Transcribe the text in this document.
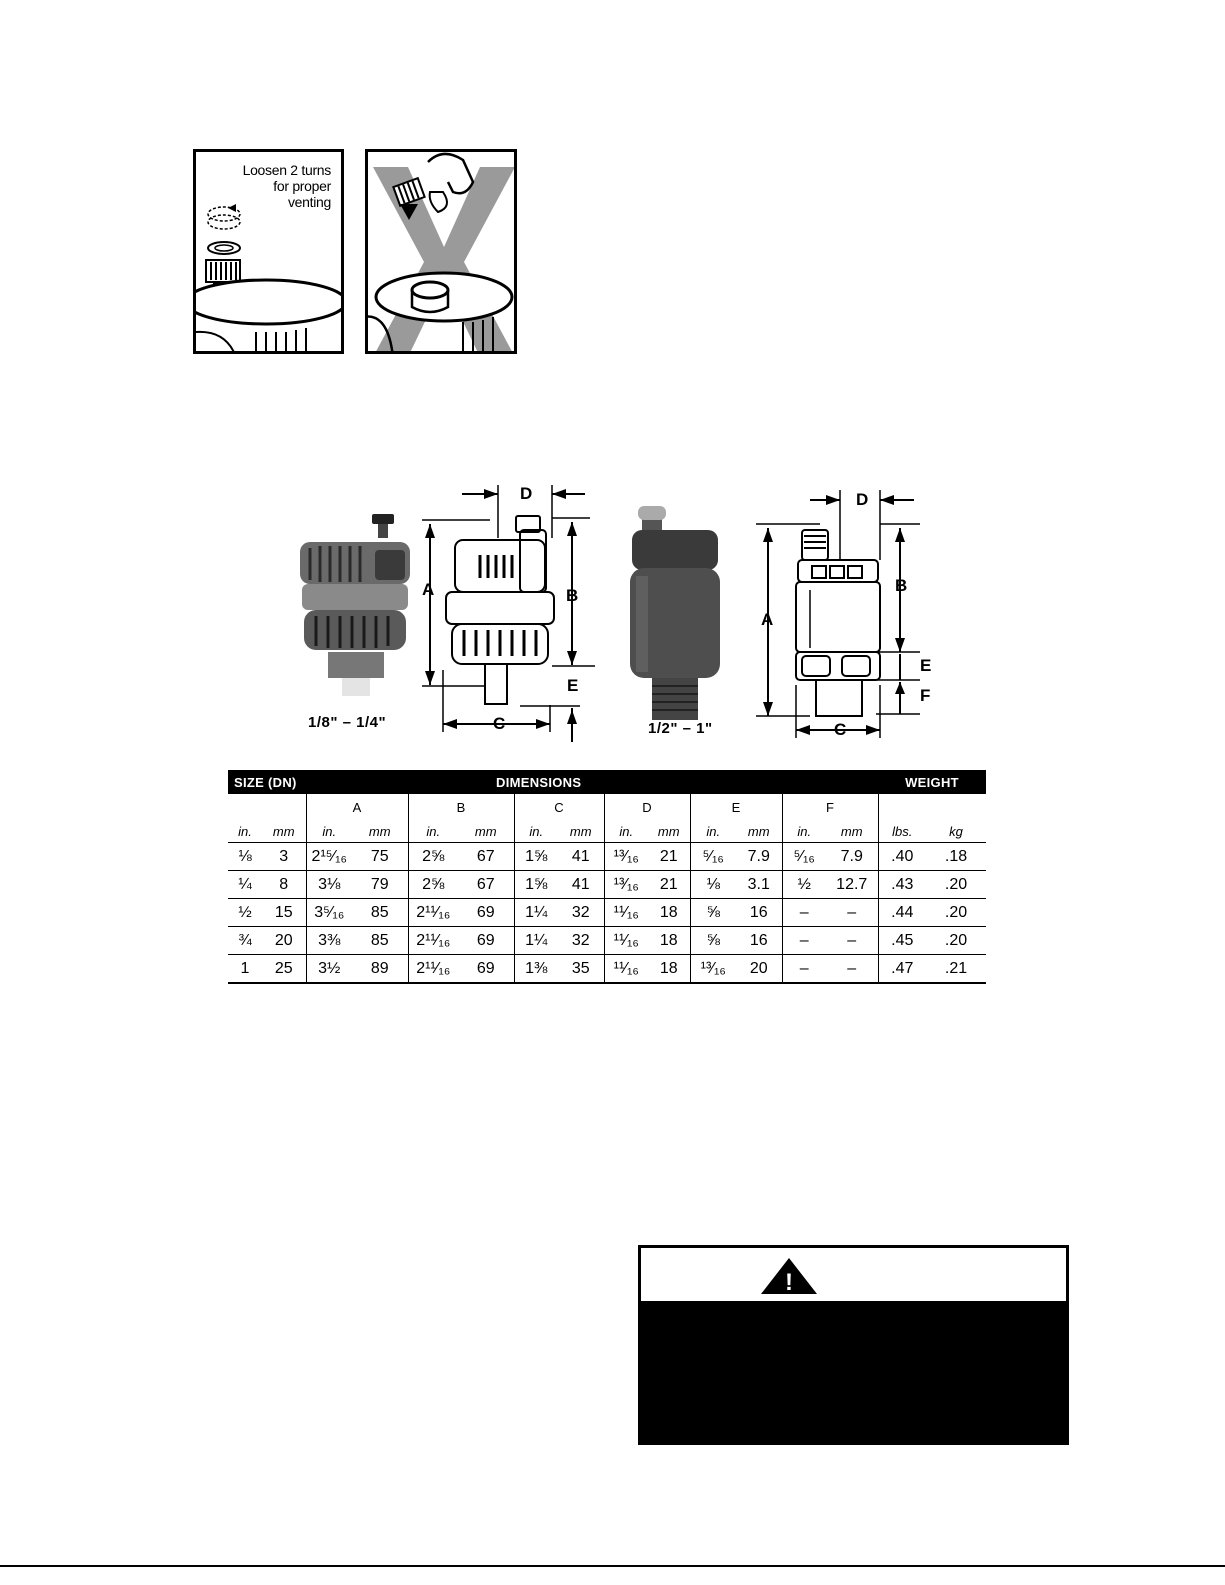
Loosen 2 turns
for proper
venting
A	B
C
D
E
A
B
C
D
E
F
1/8" – 1/4"	1/2" – 1"
SIZE (DN)		DIMENSIONS												WEIGHT	
		A		B		C		D		E		F			
in.	mm	in.	mm	in.	mm	in.	mm	in.	mm	in.	mm	in.	mm	lbs.	kg
⅛	3	2¹⁵⁄₁₆	75	2⅝	67	1⅝	41	¹³⁄₁₆	21	⁵⁄₁₆	7.9	⁵⁄₁₆	7.9	.40	.18
¼	8	3⅛	79	2⅝	67	1⅝	41	¹³⁄₁₆	21	⅛	3.1	½	12.7	.43	.20
½	15	3⁵⁄₁₆	85	2¹¹⁄₁₆	69	1¼	32	¹¹⁄₁₆	18	⅝	16	–	–	.44	.20
¾	20	3⅜	85	2¹¹⁄₁₆	69	1¼	32	¹¹⁄₁₆	18	⅝	16	–	–	.45	.20
1	25	3½	89	2¹¹⁄₁₆	69	1⅜	35	¹¹⁄₁₆	18	¹³⁄₁₆	20	–	–	.47	.21
!
